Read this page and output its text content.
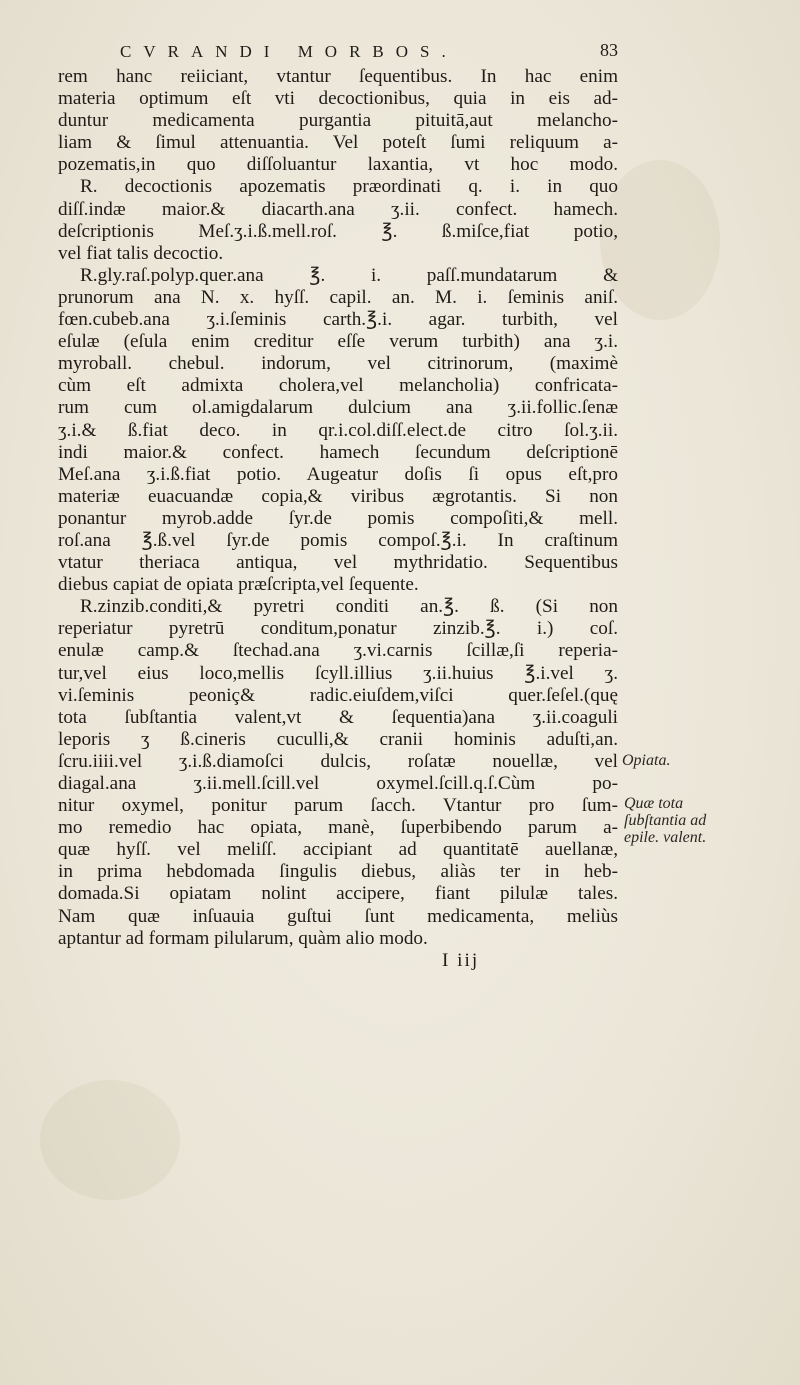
CVRANDI MORBOS.	83
rem hanc reiiciant, vtantur ſequentibus. In hac enim
materia optimum eſt vti decoctionibus, quia in eis ad-
duntur medicamenta purgantia pituitā,aut melancho-
liam & ſimul attenuantia. Vel poteſt ſumi reliquum a-
pozematis,in quo diſſoluantur laxantia, vt hoc modo.
R. decoctionis apozematis præordinati q. i. in quo
diſſ.indæ maior.& diacarth.ana ʒ.ii. confect. hamech.
deſcriptionis Meſ.ʒ.i.ß.mell.roſ. ℥. ß.miſce,fiat potio,
vel fiat talis decoctio.
R.gly.raſ.polyp.quer.ana ℥. i. paſſ.mundatarum &
prunorum ana N. x. hyſſ. capil. an. M. i. ſeminis aniſ.
fœn.cubeb.ana ʒ.i.ſeminis carth.℥.i. agar. turbith, vel
eſulæ (eſula enim creditur eſſe verum turbith) ana ʒ.i.
myroball. chebul. indorum, vel citrinorum, (maximè
cùm eſt admixta cholera,vel melancholia) confricata-
rum cum ol.amigdalarum dulcium ana ʒ.ii.follic.ſenæ
ʒ.i.& ß.fiat deco. in qr.i.col.diſſ.elect.de citro ſol.ʒ.ii.
indi maior.& confect. hamech ſecundum deſcriptionē
Meſ.ana ʒ.i.ß.fiat potio. Augeatur doſis ſi opus eſt,pro
materiæ euacuandæ copia,& viribus ægrotantis. Si non
ponantur myrob.adde ſyr.de pomis compoſiti,& mell.
roſ.ana ℥.ß.vel ſyr.de pomis compoſ.℥.i. In craſtinum
vtatur theriaca antiqua, vel mythridatio. Sequentibus
diebus capiat de opiata præſcripta,vel ſequente.
R.zinzib.conditi,& pyretri conditi an.℥. ß. (Si non
reperiatur pyretrū conditum,ponatur zinzib.℥. i.) coſ.
enulæ camp.& ſtechad.ana ʒ.vi.carnis ſcillæ,ſi reperia-
tur,vel eius loco,mellis ſcyll.illius ʒ.ii.huius ℥.i.vel ʒ.
vi.ſeminis peoniç& radic.eiuſdem,viſci quer.ſeſel.(quę
tota ſubſtantia valent,vt & ſequentia)ana ʒ.ii.coaguli
leporis ʒ ß.cineris cuculli,& cranii hominis aduſti,an.
ſcru.iiii.vel ʒ.i.ß.diamoſci dulcis, roſatæ nouellæ, vel
diagal.ana ʒ.ii.mell.ſcill.vel oxymel.ſcill.q.ſ.Cùm po-
nitur oxymel, ponitur parum ſacch. Vtantur pro ſum-
mo remedio hac opiata, manè, ſuperbibendo parum a-
quæ hyſſ. vel meliſſ. accipiant ad quantitatē auellanæ,
in prima hebdomada ſingulis diebus, aliàs ter in heb-
domada.Si opiatam nolint accipere, fiant pilulæ tales.
Nam quæ inſuauia guſtui ſunt medicamenta, meliùs
aptantur ad formam pilularum, quàm alio modo.
I iij
Opiata.
Quæ tota
ſubſtantia ad
epile. valent.
